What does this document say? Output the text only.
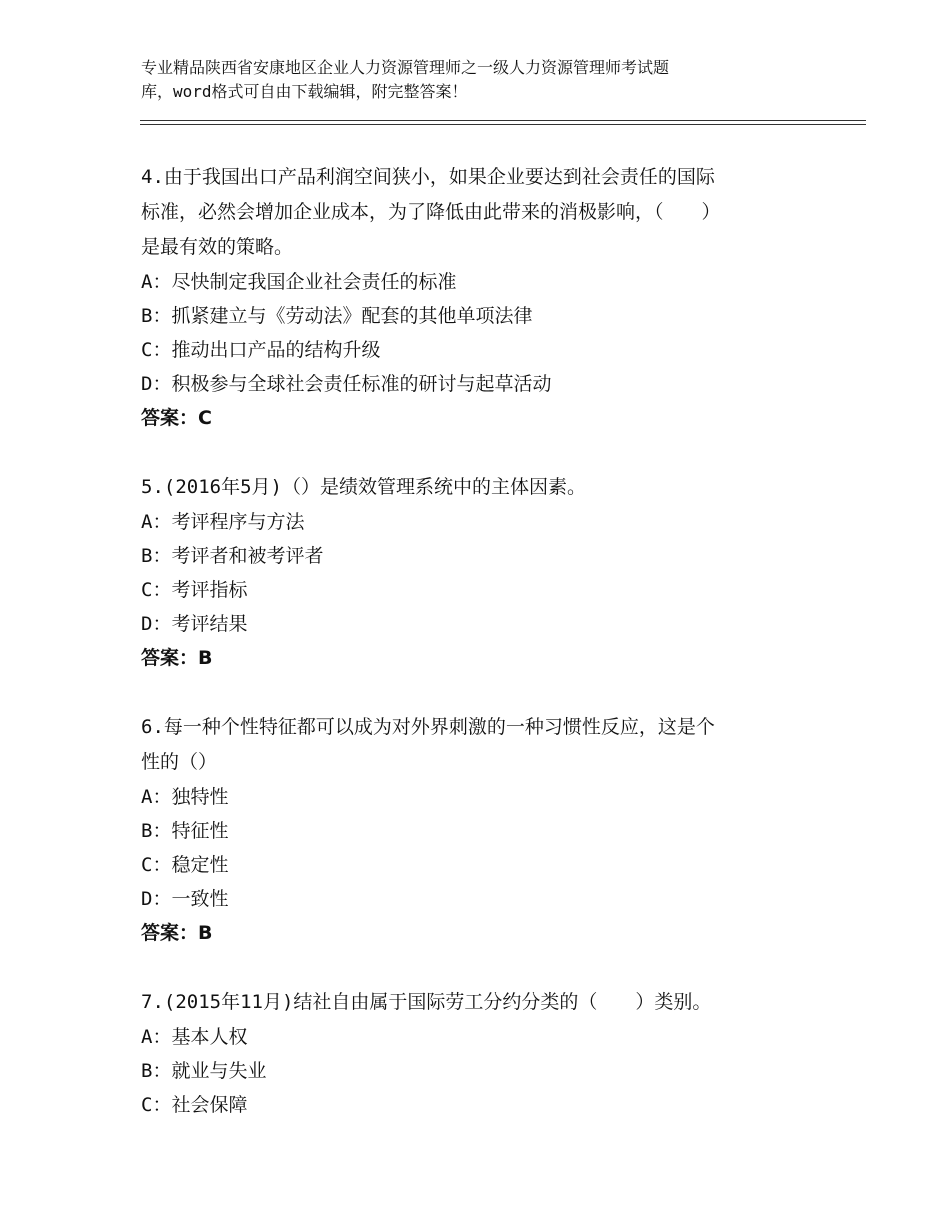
专业精品陕西省安康地区企业人力资源管理师之一级人力资源管理师考试题
库，word格式可自由下载编辑，附完整答案！

4.由于我国出口产品利润空间狭小，如果企业要达到社会责任的国际

标准，必然会增加企业成本，为了降低由此带来的消极影响，（　　）

是最有效的策略。

A：尽快制定我国企业社会责任的标准

B：抓紧建立与《劳动法》配套的其他单项法律

C：推动出口产品的结构升级

D：积极参与全球社会责任标准的研讨与起草活动

答案：C

5.(2016年5月)（）是绩效管理系统中的主体因素。

A：考评程序与方法

B：考评者和被考评者

C：考评指标

D：考评结果

答案：B

6.每一种个性特征都可以成为对外界刺激的一种习惯性反应，这是个

性的（）

A：独特性

B：特征性

C：稳定性

D：一致性

答案：B

7.(2015年11月)结社自由属于国际劳工分约分类的（　　）类别。

A：基本人权

B：就业与失业

C：社会保障
